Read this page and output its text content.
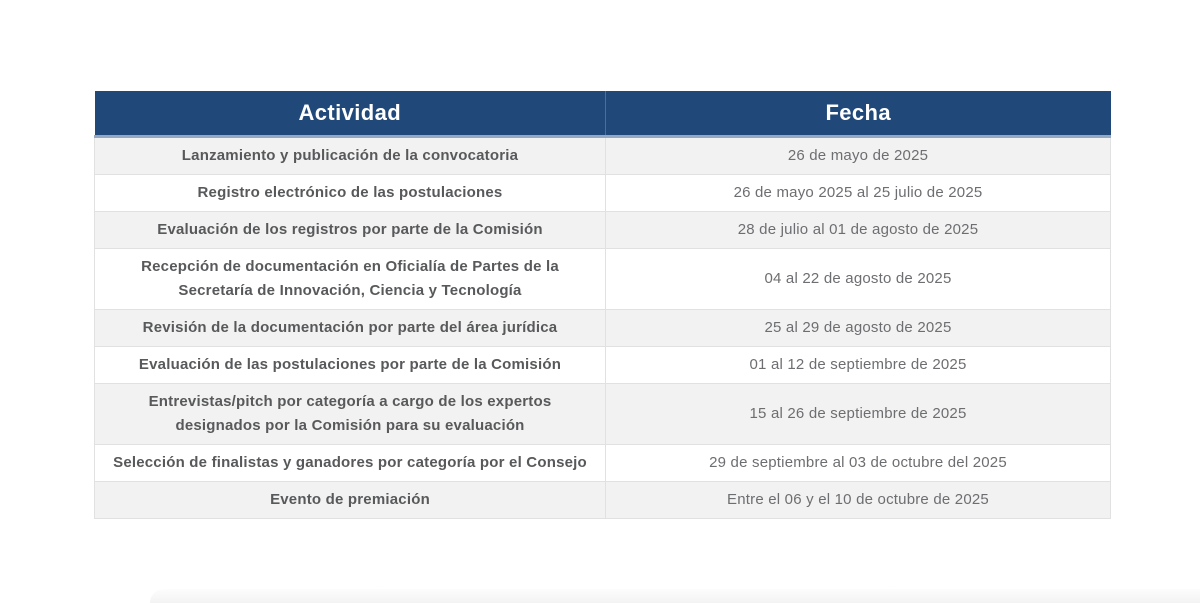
Actividad	Fecha
Lanzamiento y publicación de la convocatoria	26 de mayo de 2025
Registro electrónico de las postulaciones	26 de mayo 2025 al 25 julio de 2025
Evaluación de los registros por parte de la Comisión	28 de julio al 01 de agosto de 2025
Recepción de documentación en Oficialía de Partes de la Secretaría de Innovación, Ciencia y Tecnología	04 al 22 de agosto de 2025
Revisión de la documentación por parte del área jurídica	25 al 29 de agosto de 2025
Evaluación de las postulaciones por parte de la Comisión	01 al 12 de septiembre de 2025
Entrevistas/pitch por categoría a cargo de los expertos designados por la Comisión para su evaluación	15 al 26 de septiembre de 2025
Selección de finalistas y ganadores por categoría por el Consejo	29 de septiembre al 03 de octubre del 2025
Evento de premiación	Entre el 06 y el 10 de octubre de 2025
